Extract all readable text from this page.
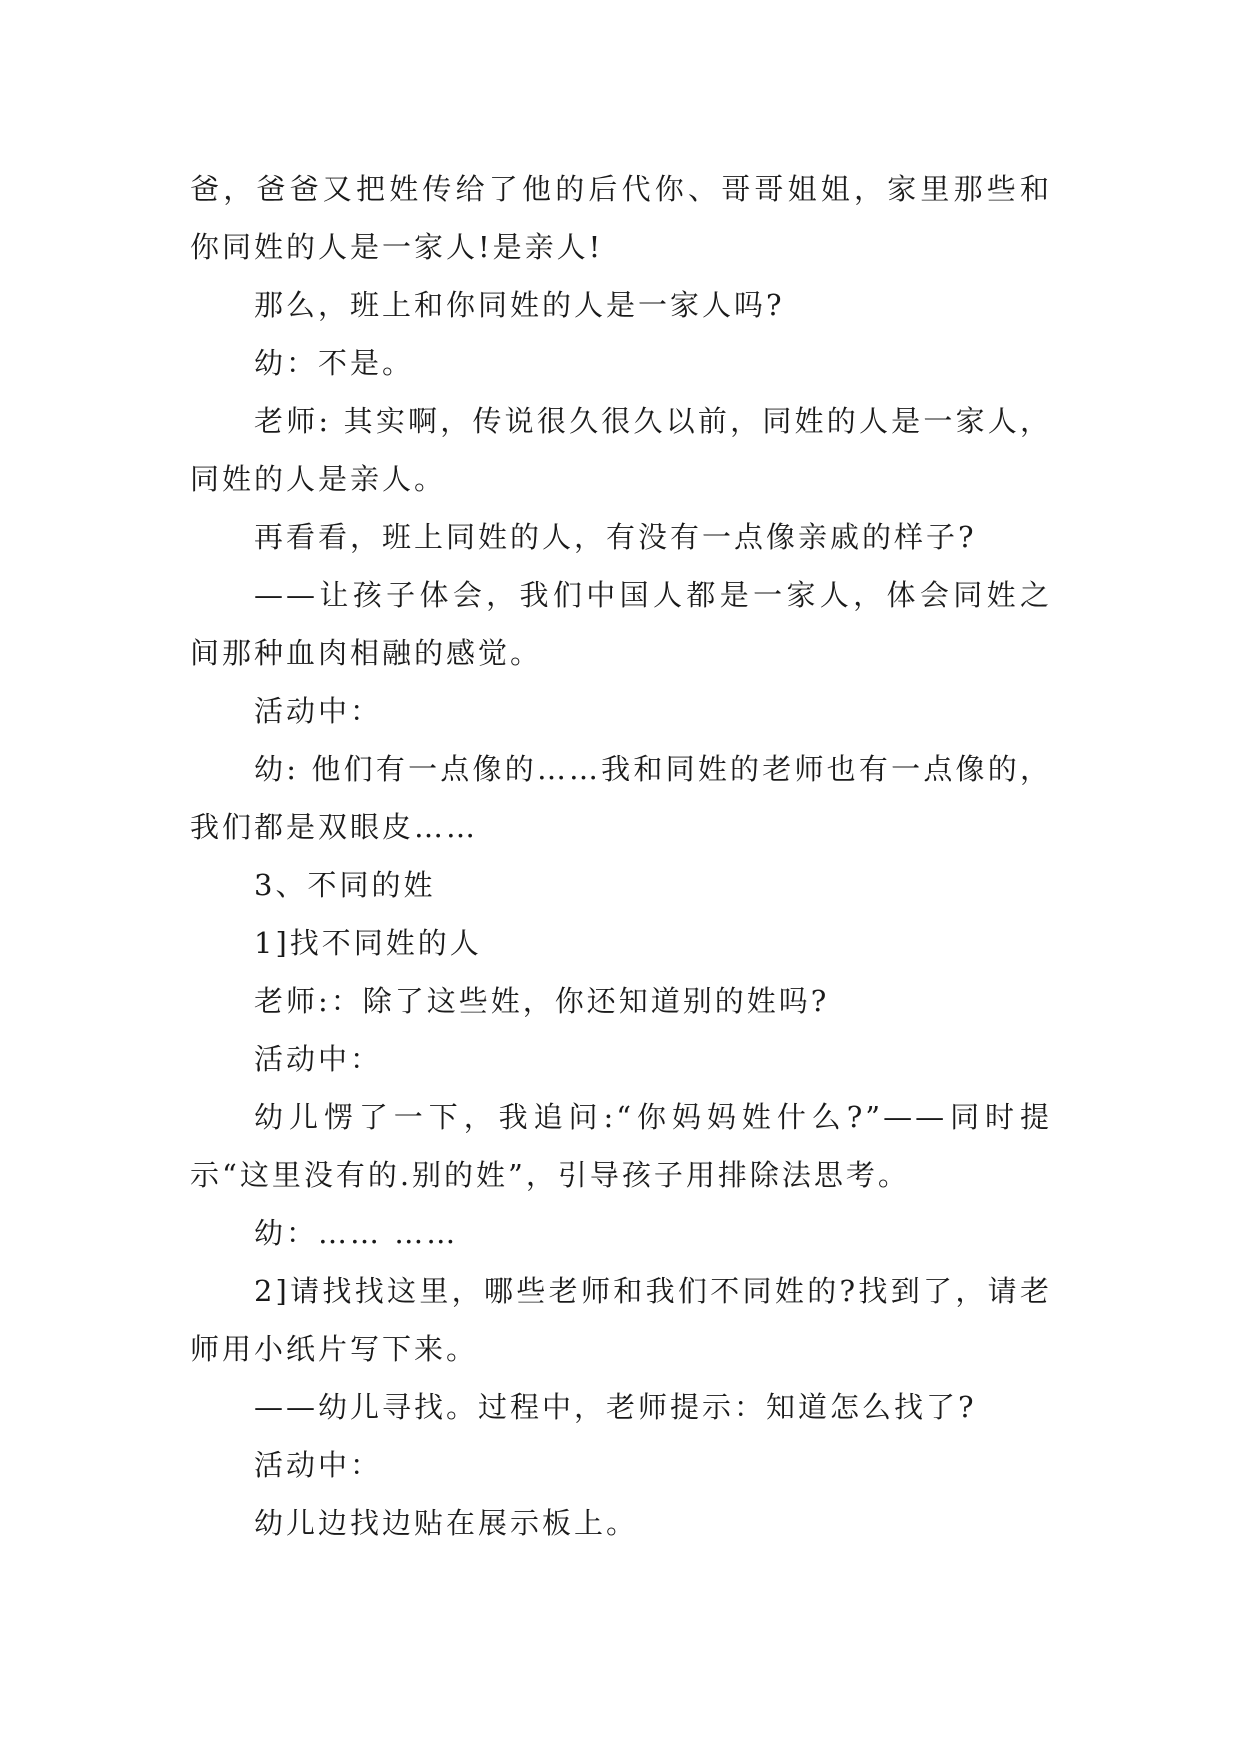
爸，爸爸又把姓传给了他的后代你、哥哥姐姐，家里那些和你同姓的人是一家人!是亲人!

那么，班上和你同姓的人是一家人吗?

幼：不是。

老师: 其实啊，传说很久很久以前，同姓的人是一家人，同姓的人是亲人。

再看看，班上同姓的人，有没有一点像亲戚的样子?

——让孩子体会，我们中国人都是一家人，体会同姓之间那种血肉相融的感觉。

活动中：

幼: 他们有一点像的……我和同姓的老师也有一点像的，我们都是双眼皮……

3、不同的姓

1]找不同姓的人

老师:：除了这些姓，你还知道别的姓吗?

活动中：

幼儿愣了一下，我追问:“你妈妈姓什么?”——同时提示“这里没有的.别的姓”，引导孩子用排除法思考。

幼：…… ……

2]请找找这里，哪些老师和我们不同姓的?找到了，请老师用小纸片写下来。

——幼儿寻找。过程中，老师提示：知道怎么找了?

活动中：

幼儿边找边贴在展示板上。
